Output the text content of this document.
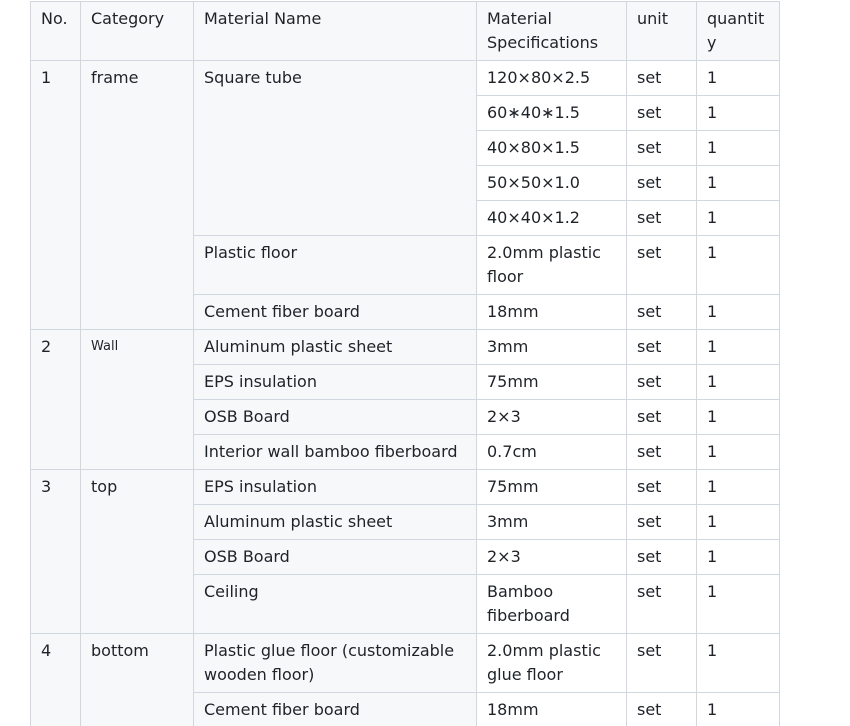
No.	Category	Material Name	Material Specifications	unit	quantity
1	frame	Square tube	120×80×2.5	set	1
			60∗40∗1.5	set	1
			40×80×1.5	set	1
			50×50×1.0	set	1
			40×40×1.2	set	1
		Plastic floor	2.0mm plastic floor	set	1
		Cement fiber board	18mm	set	1
2	Wall	Aluminum plastic sheet	3mm	set	1
		EPS insulation	75mm	set	1
		OSB Board	2×3	set	1
		Interior wall bamboo fiberboard	0.7cm	set	1
3	top	EPS insulation	75mm	set	1
		Aluminum plastic sheet	3mm	set	1
		OSB Board	2×3	set	1
		Ceiling	Bamboo fiberboard	set	1
4	bottom	Plastic glue floor (customizable wooden floor)	2.0mm plastic glue floor	set	1
		Cement fiber board	18mm	set	1
